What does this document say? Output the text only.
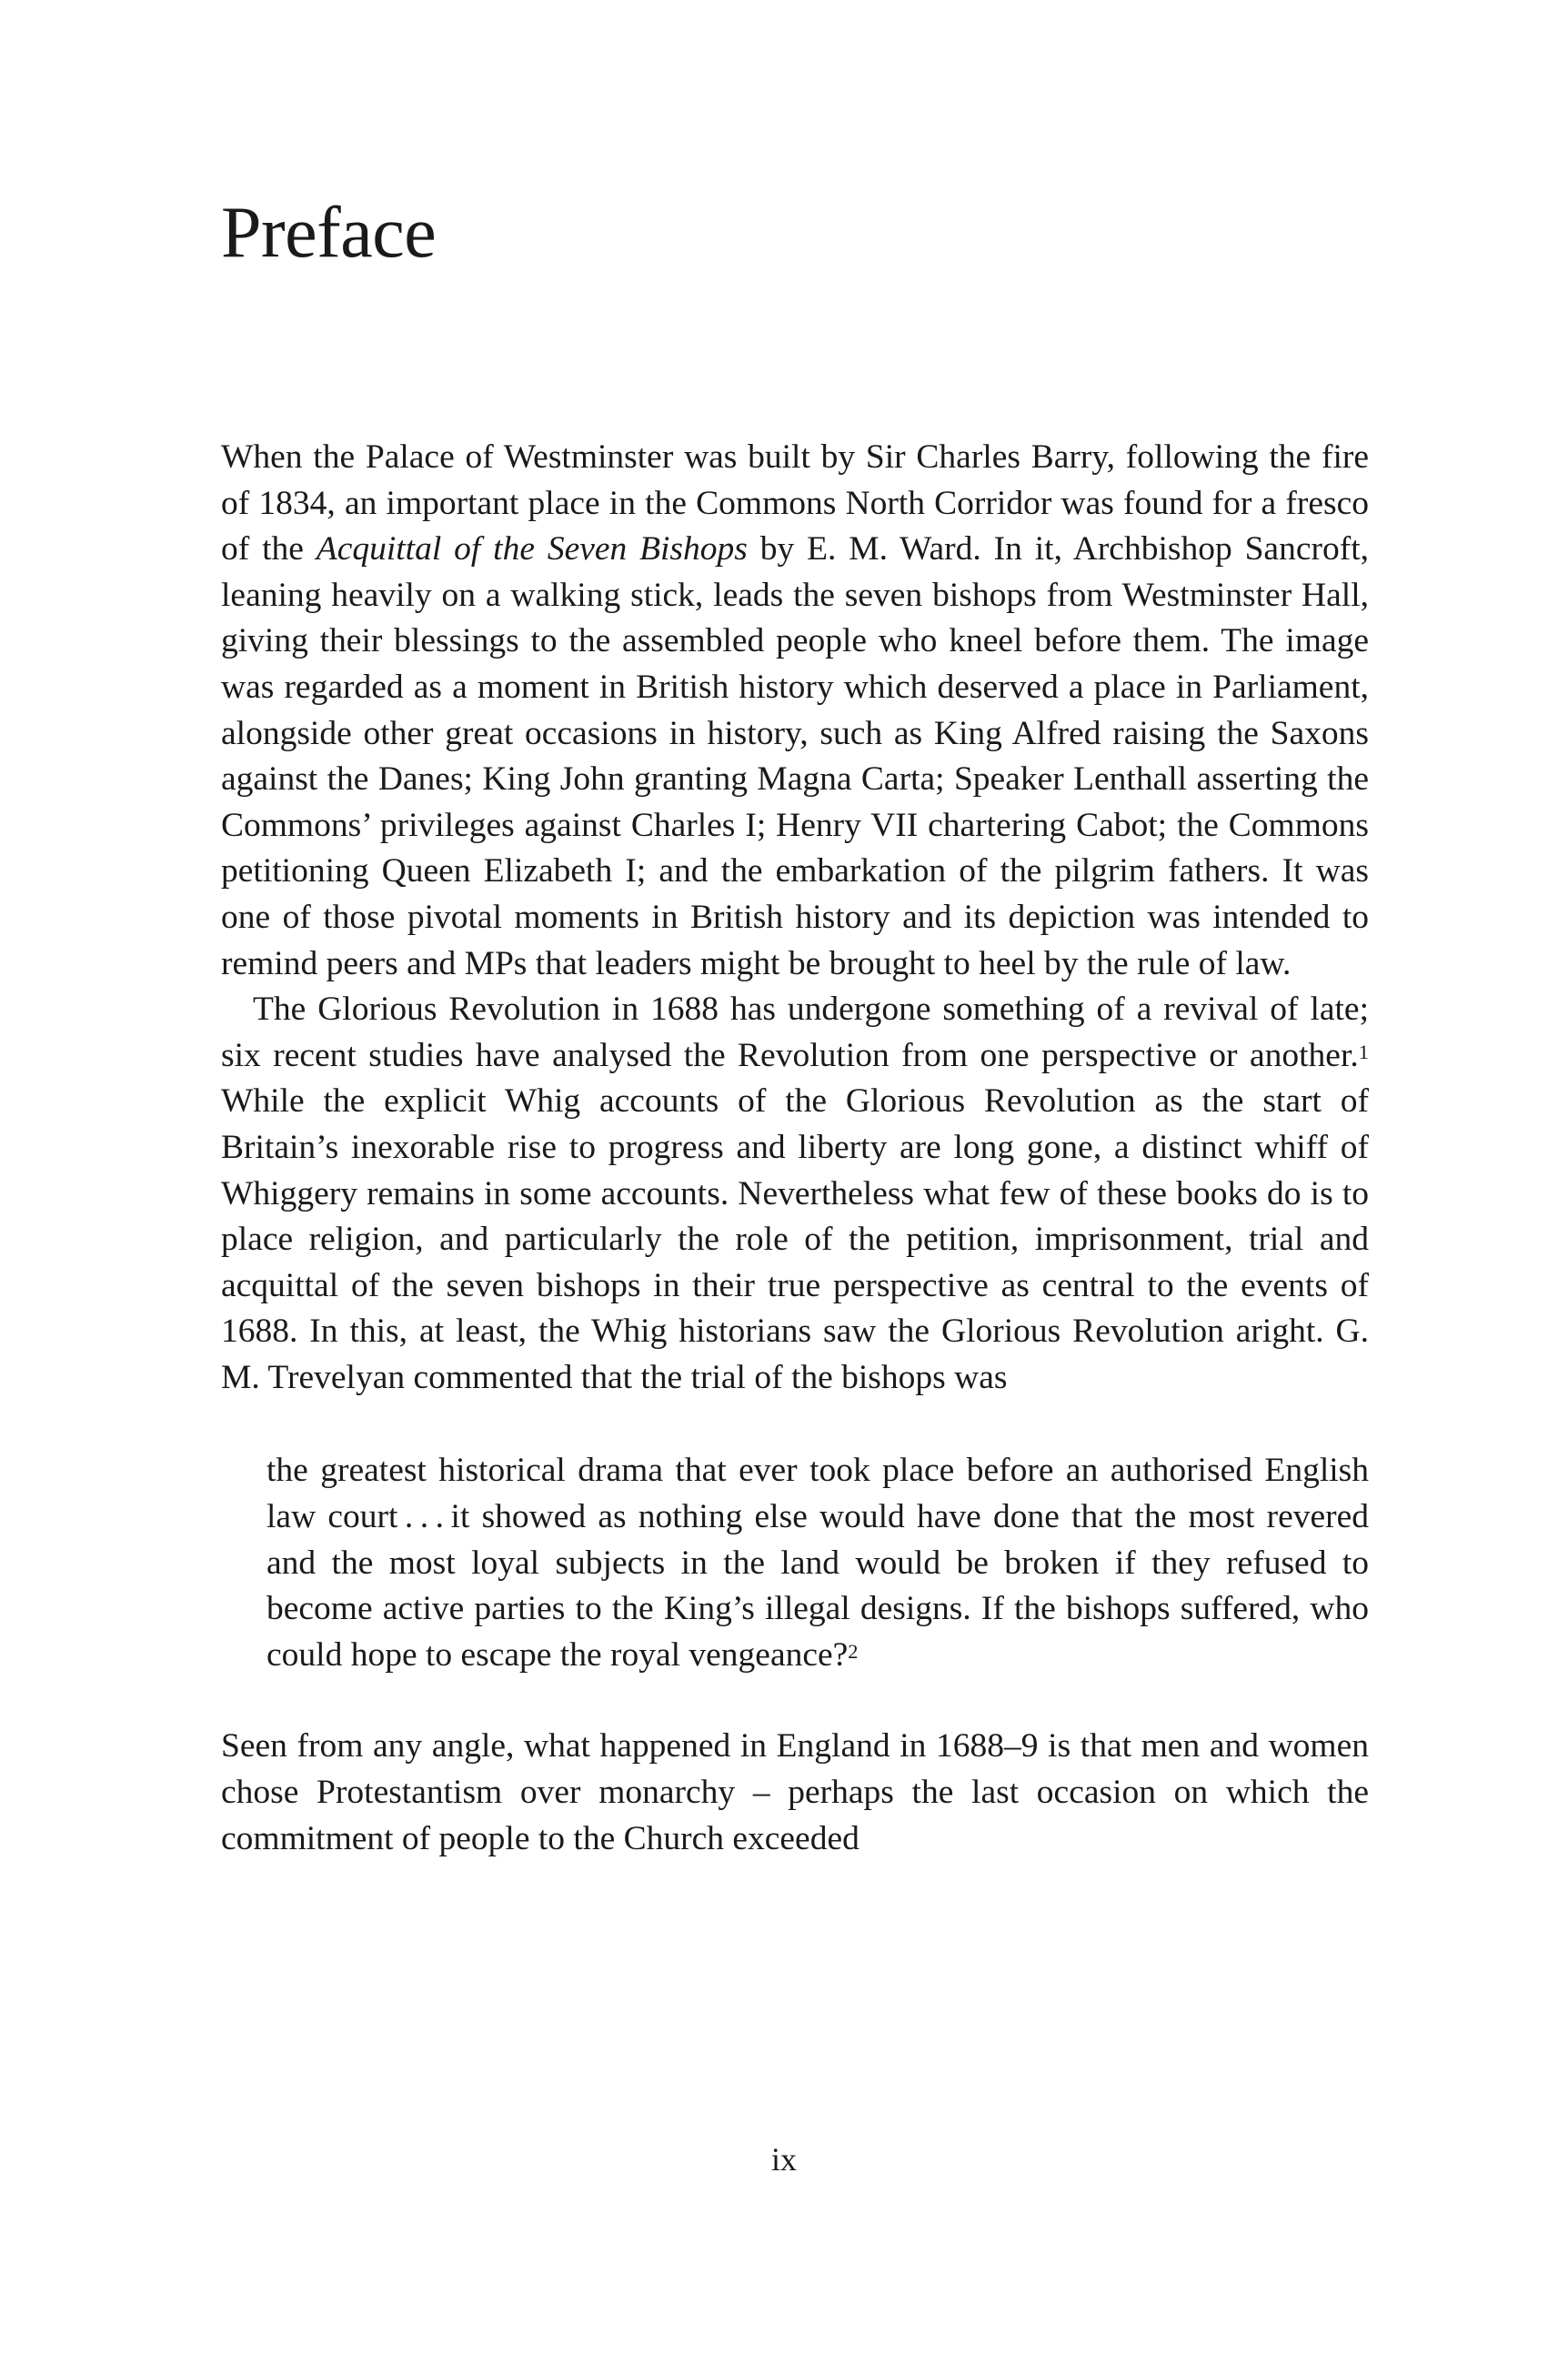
Preface

When the Palace of Westminster was built by Sir Charles Barry, following the fire of 1834, an important place in the Commons North Corridor was found for a fresco of the Acquittal of the Seven Bishops by E. M. Ward. In it, Archbishop Sancroft, leaning heavily on a walking stick, leads the seven bishops from Westminster Hall, giving their blessings to the assembled people who kneel before them. The image was regarded as a moment in British history which deserved a place in Parliament, alongside other great occasions in history, such as King Alfred raising the Saxons against the Danes; King John granting Magna Carta; Speaker Lenthall asserting the Commons’ privileges against Charles I; Henry VII chartering Cabot; the Commons petitioning Queen Elizabeth I; and the embarkation of the pilgrim fathers. It was one of those pivotal moments in British history and its depiction was intended to remind peers and MPs that leaders might be brought to heel by the rule of law.

The Glorious Revolution in 1688 has undergone something of a revival of late; six recent studies have analysed the Revolution from one perspective or another.$^1$ While the explicit Whig accounts of the Glorious Revolution as the start of Britain’s inexorable rise to progress and liberty are long gone, a distinct whiff of Whiggery remains in some accounts. Nevertheless what few of these books do is to place religion, and particularly the role of the petition, imprisonment, trial and acquittal of the seven bishops in their true perspective as central to the events of 1688. In this, at least, the Whig historians saw the Glorious Revolution aright. G. M. Trevelyan commented that the trial of the bishops was

the greatest historical drama that ever took place before an authorised English law court . . . it showed as nothing else would have done that the most revered and the most loyal subjects in the land would be broken if they refused to become active parties to the King’s illegal designs. If the bishops suffered, who could hope to escape the royal vengeance?$^2$

Seen from any angle, what happened in England in 1688–9 is that men and women chose Protestantism over monarchy – perhaps the last occasion on which the commitment of people to the Church exceeded

ix
